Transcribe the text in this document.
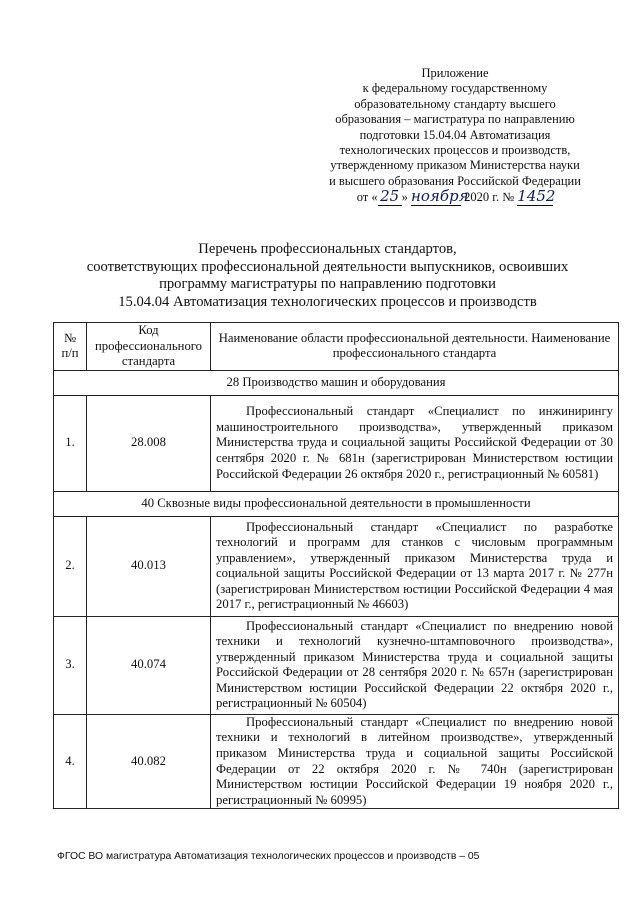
Приложение
к федеральному государственному
образовательному стандарту высшего
образования – магистратура по направлению
подготовки 15.04.04 Автоматизация
технологических процессов и производств,
утвержденному приказом Министерства науки
и высшего образования Российской Федерации
от « 25 » ноября 2020 г. № 1452
Перечень профессиональных стандартов,
соответствующих профессиональной деятельности выпускников, освоивших
программу магистратуры по направлению подготовки
15.04.04 Автоматизация технологических процессов и производств
№ п/п	Код профессионального стандарта	Наименование области профессиональной деятельности. Наименование профессионального стандарта
28 Производство машин и оборудования		
1.	28.008	Профессиональный стандарт «Специалист по инжинирингу машиностроительного производства», утвержденный приказом Министерства труда и социальной защиты Российской Федерации от 30 сентября 2020 г. № 681н (зарегистрирован Министерством юстиции Российской Федерации 26 октября 2020 г., регистрационный № 60581)
40 Сквозные виды профессиональной деятельности в промышленности		
2.	40.013	Профессиональный стандарт «Специалист по разработке технологий и программ для станков с числовым программным управлением», утвержденный приказом Министерства труда и социальной защиты Российской Федерации от 13 марта 2017 г. № 277н (зарегистрирован Министерством юстиции Российской Федерации 4 мая 2017 г., регистрационный № 46603)
3.	40.074	Профессиональный стандарт «Специалист по внедрению новой техники и технологий кузнечно-штамповочного производства», утвержденный приказом Министерства труда и социальной защиты Российской Федерации от 28 сентября 2020 г. № 657н (зарегистрирован Министерством юстиции Российской Федерации 22 октября 2020 г., регистрационный № 60504)
4.	40.082	Профессиональный стандарт «Специалист по внедрению новой техники и технологий в литейном производстве», утвержденный приказом Министерства труда и социальной защиты Российской Федерации от 22 октября 2020 г. № 740н (зарегистрирован Министерством юстиции Российской Федерации 19 ноября 2020 г., регистрационный № 60995)
ФГОС ВО магистратура Автоматизация технологических процессов и производств – 05
